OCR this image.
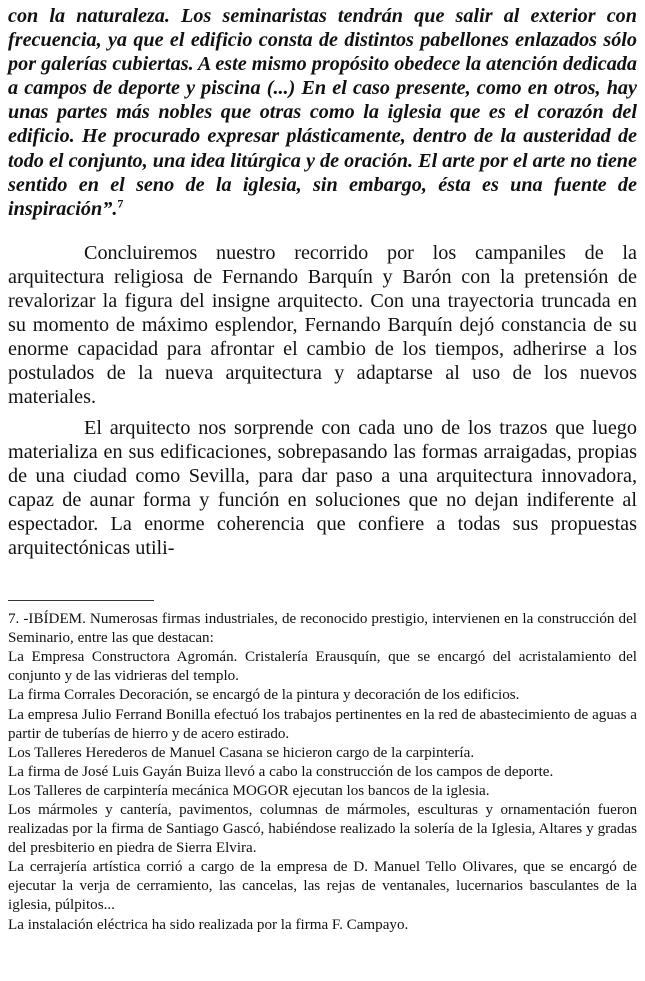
con la naturaleza. Los seminaristas tendrán que salir al exterior con frecuencia, ya que el edificio consta de distintos pabellones enlazados sólo por galerías cubiertas. A este mismo propósito obedece la atención dedicada a campos de deporte y piscina (...) En el caso presente, como en otros, hay unas partes más nobles que otras como la iglesia que es el corazón del edificio. He procurado expresar plásticamente, dentro de la austeridad de todo el conjunto, una idea litúrgica y de oración. El arte por el arte no tiene sentido en el seno de la iglesia, sin embargo, ésta es una fuente de inspiración”.$^7$

Concluiremos nuestro recorrido por los campaniles de la arquitectura religiosa de Fernando Barquín y Barón con la pretensión de revalorizar la figura del insigne arquitecto. Con una trayectoria truncada en su momento de máximo esplendor, Fernando Barquín dejó constancia de su enorme capacidad para afrontar el cambio de los tiempos, adherirse a los postulados de la nueva arquitectura y adaptarse al uso de los nuevos materiales.

El arquitecto nos sorprende con cada uno de los trazos que luego materializa en sus edificaciones, sobrepasando las formas arraigadas, propias de una ciudad como Sevilla, para dar paso a una arquitectura innovadora, capaz de aunar forma y función en soluciones que no dejan indiferente al espectador. La enorme coherencia que confiere a todas sus propuestas arquitectónicas utili-

7. -IBÍDEM. Numerosas firmas industriales, de reconocido prestigio, intervienen en la construcción del Seminario, entre las que destacan:

La Empresa Constructora Agromán. Cristalería Erausquín, que se encargó del acristalamiento del conjunto y de las vidrieras del templo.

La firma Corrales Decoración, se encargó de la pintura y decoración de los edificios.

La empresa Julio Ferrand Bonilla efectuó los trabajos pertinentes en la red de abastecimiento de aguas a partir de tuberías de hierro y de acero estirado.

Los Talleres Herederos de Manuel Casana se hicieron cargo de la carpintería.

La firma de José Luis Gayán Buiza llevó a cabo la construcción de los campos de deporte.

Los Talleres de carpintería mecánica MOGOR ejecutan los bancos de la iglesia.

Los mármoles y cantería, pavimentos, columnas de mármoles, esculturas y ornamentación fueron realizadas por la firma de Santiago Gascó, habiéndose realizado la solería de la Iglesia, Altares y gradas del presbiterio en piedra de Sierra Elvira.

La cerrajería artística corrió a cargo de la empresa de D. Manuel Tello Olivares, que se encargó de ejecutar la verja de cerramiento, las cancelas, las rejas de ventanales, lucernarios basculantes de la iglesia, púlpitos...

La instalación eléctrica ha sido realizada por la firma F. Campayo.
